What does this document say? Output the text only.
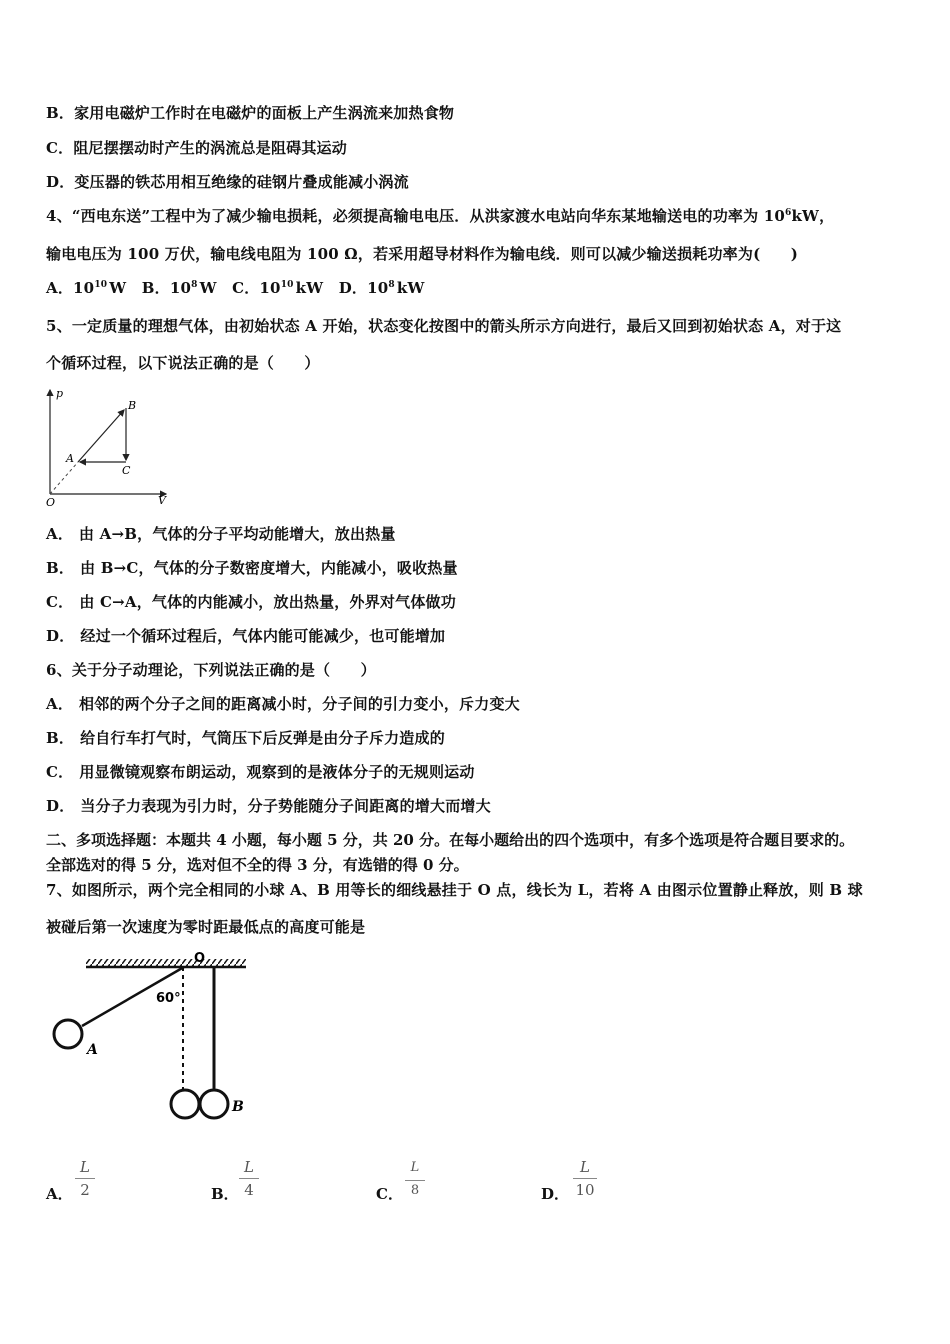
B．家用电磁炉工作时在电磁炉的面板上产生涡流来加热食物
C．阻尼摆摆动时产生的涡流总是阻碍其运动
D．变压器的铁芯用相互绝缘的硅钢片叠成能减小涡流
4、“西电东送”工程中为了减少输电损耗，必须提高输电电压．从洪家渡水电站向华东某地输送电的功率为 $10^6kW$，
输电电压为 100 万伏，输电线电阻为 100 Ω，若采用超导材料作为输电线．则可以减少输送损耗功率为(　　)
A．$10^{10}$ W B．$10^8$ W C．$10^{10}$ kW D．$10^8$ kW
5、一定质量的理想气体，由初始状态 A 开始，状态变化按图中的箭头所示方向进行，最后又回到初始状态 A，对于这
个循环过程，以下说法正确的是（　　）
p
V
O
A
B
C
A． 由 A→B，气体的分子平均动能增大，放出热量
B． 由 B→C，气体的分子数密度增大，内能减小，吸收热量
C． 由 C→A，气体的内能减小，放出热量，外界对气体做功
D． 经过一个循环过程后，气体内能可能减少，也可能增加
6、关于分子动理论，下列说法正确的是（　　）
A． 相邻的两个分子之间的距离减小时，分子间的引力变小，斥力变大
B． 给自行车打气时，气筒压下后反弹是由分子斥力造成的
C． 用显微镜观察布朗运动，观察到的是液体分子的无规则运动
D． 当分子力表现为引力时，分子势能随分子间距离的增大而增大
二、多项选择题：本题共 4 小题，每小题 5 分，共 20 分。在每小题给出的四个选项中，有多个选项是符合题目要求的。
全部选对的得 5 分，选对但不全的得 3 分，有选错的得 0 分。
7、如图所示，两个完全相同的小球 A、B 用等长的细线悬挂于 O 点，线长为 L，若将 A 由图示位置静止释放，则 B 球
被碰后第一次速度为零时距最低点的高度可能是
O
60°
A
B
A．
L
2	B．
L
4	C．
L
8	D．
L
10
